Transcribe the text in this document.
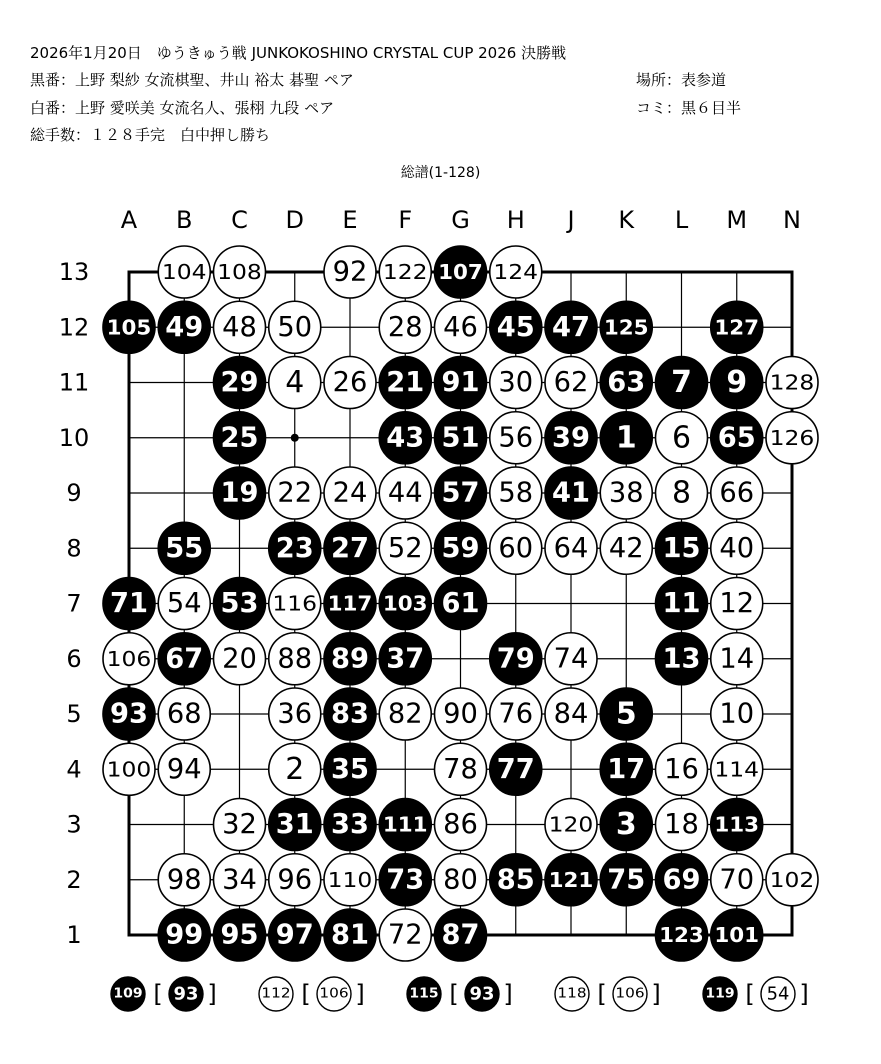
2026年1月20日　ゆうきゅう戦 JUNKOKOSHINO CRYSTAL CUP 2026 決勝戦
黒番：上野 梨紗 女流棋聖、井山 裕太 碁聖 ペア
白番：上野 愛咲美 女流名人、張栩 九段 ペア
総手数：１２８手完　白中押し勝ち
場所：表参道
コミ：黒６目半
総譜(1-128)
A B C D E F G H J K L M N
13
12
11
10
9
8
7
6
5
4
3
2
1
104 108	92 122 107 124
105 49 48 50	28 46 45 47 125	127
29 4 26 21 91 30 62 63 7 9 128
25	43 51 56 39 1 6 65 126
19 22 24 44 57 58 41 38 8 66
55	23 27 52 59 60 64 42 15 40
71 54 53 116 117 103 61	11 12
106 67 20 88 89 37	79 74	13 14
93 68	36 83 82 90 76 84 5	10
100 94	2 35	78 77	17 16 114
32 31 33 111 86	120 3 18 113
98 34 96 110 73 80 85 121 75 69 70 102
99 95 97 81 72 87	123 101
109 [ 93 ]	112 [ 106 ]	115 [ 93 ]	118 [ 106 ]	119 [ 54 ]
